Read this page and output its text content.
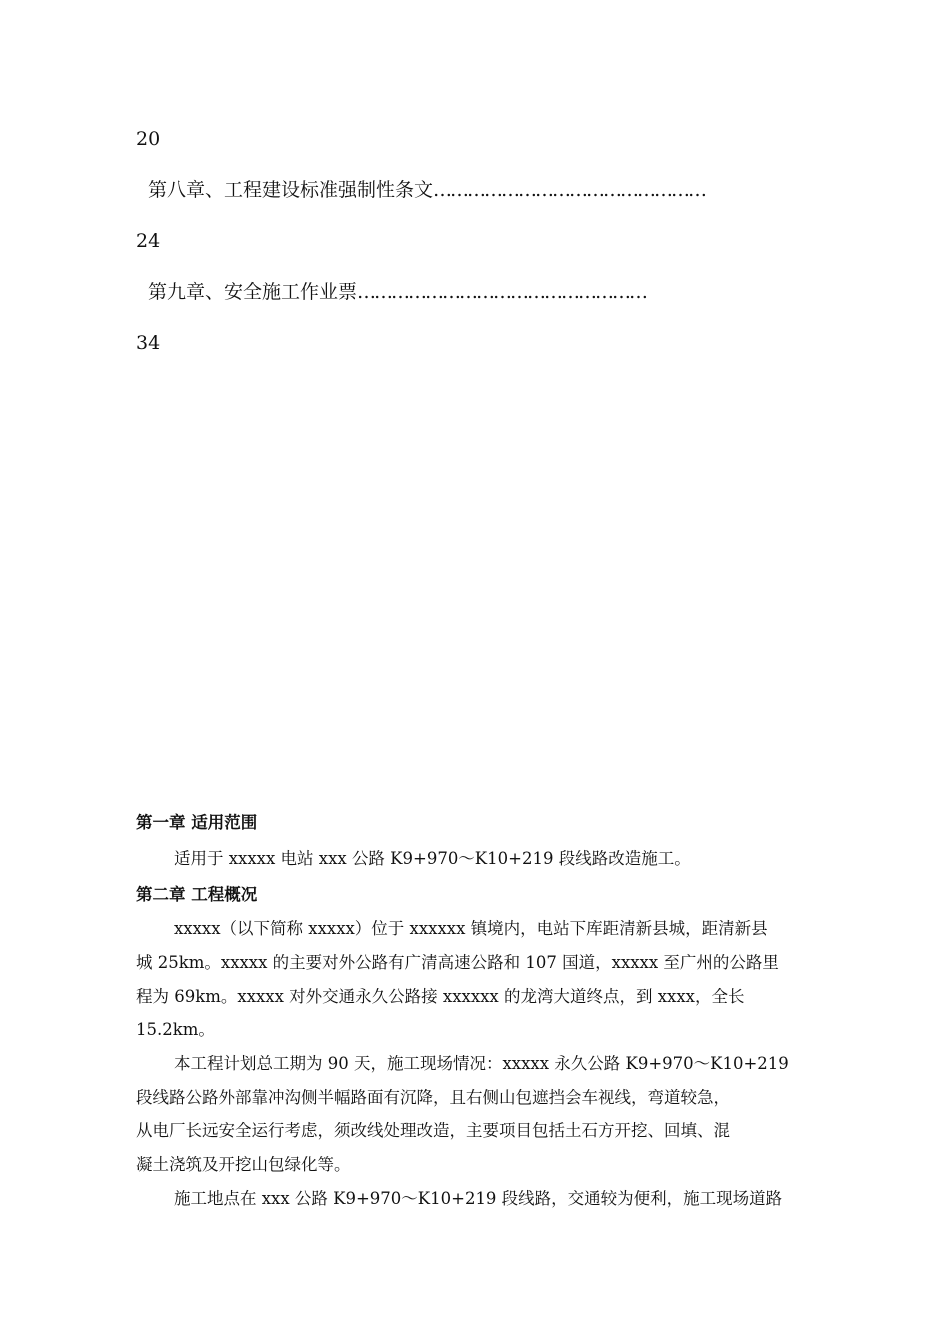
20
第八章、工程建设标准强制性条文…………………………………………
24
第九章、安全施工作业票……………………………………………
34
第一章 适用范围
适用于 xxxxx 电站 xxx 公路 K9+970～K10+219 段线路改造施工。
第二章 工程概况
xxxxx（以下简称 xxxxx）位于 xxxxxx 镇境内，电站下库距清新县城，距清新县
城 25km。xxxxx 的主要对外公路有广清高速公路和 107 国道，xxxxx 至广州的公路里
程为 69km。xxxxx 对外交通永久公路接 xxxxxx 的龙湾大道终点，到 xxxx，全长
15.2km。
本工程计划总工期为 90 天，施工现场情况：xxxxx 永久公路 K9+970～K10+219
段线路公路外部靠冲沟侧半幅路面有沉降，且右侧山包遮挡会车视线，弯道较急，
从电厂长远安全运行考虑，须改线处理改造，主要项目包括土石方开挖、回填、混
凝土浇筑及开挖山包绿化等。
施工地点在 xxx 公路 K9+970～K10+219 段线路，交通较为便利，施工现场道路
